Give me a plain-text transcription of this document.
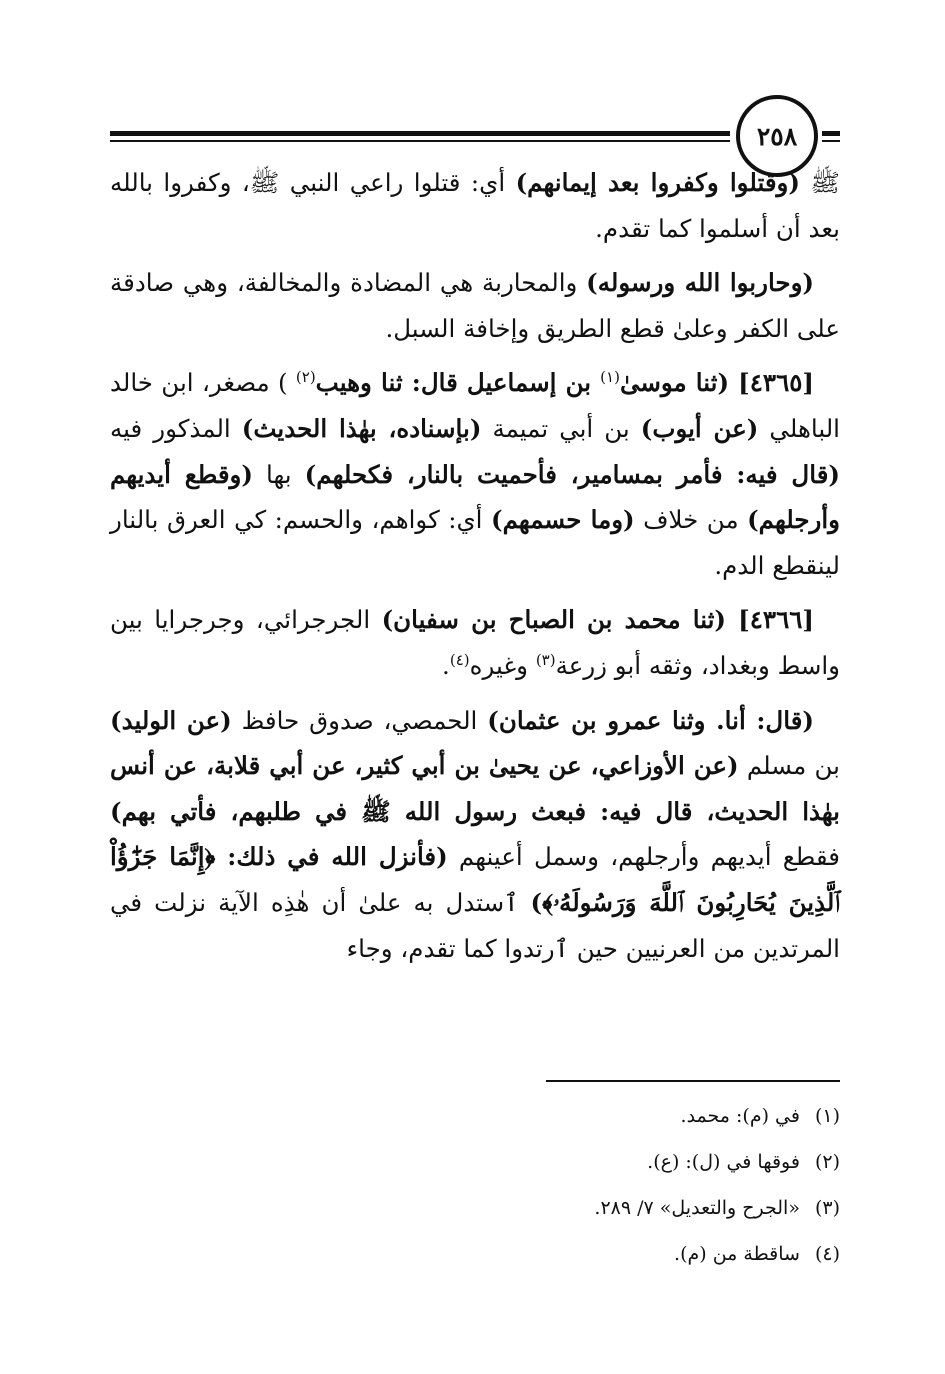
٢٥٨

ﷺ (وقتلوا وكفروا بعد إيمانهم) أي: قتلوا راعي النبي ﷺ، وكفروا بالله بعد أن أسلموا كما تقدم.

(وحاربوا الله ورسوله) والمحاربة هي المضادة والمخالفة، وهي صادقة على الكفر وعلىٰ قطع الطريق وإخافة السبل.

[٤٣٦٥] (ثنا موسىٰ$^{(١)}$ بن إسماعيل قال: ثنا وهيب$^{(٢)}$ ) مصغر، ابن خالد الباهلي (عن أيوب) بن أبي تميمة (بإسناده، بهٰذا الحديث) المذكور فيه (قال فيه: فأمر بمسامير، فأحميت بالنار، فكحلهم) بها (وقطع أيديهم وأرجلهم) من خلاف (وما حسمهم) أي: كواهم، والحسم: كي العرق بالنار لينقطع الدم.

[٤٣٦٦] (ثنا محمد بن الصباح بن سفيان) الجرجرائي، وجرجرايا بين واسط وبغداد، وثقه أبو زرعة$^{(٣)}$ وغيره$^{(٤)}$.

(قال: أنا. وثنا عمرو بن عثمان) الحمصي، صدوق حافظ (عن الوليد) بن مسلم (عن الأوزاعي، عن يحيىٰ بن أبي كثير، عن أبي قلابة، عن أنس بهٰذا الحديث، قال فيه: فبعث رسول الله ﷺ في طلبهم، فأتي بهم) فقطع أيديهم وأرجلهم، وسمل أعينهم (فأنزل الله في ذلك: ﴿إِنَّمَا جَزَٰٓؤُاْ ٱلَّذِينَ يُحَارِبُونَ ٱللَّهَ وَرَسُولَهُۥ﴾) ٱستدل به علىٰ أن هٰذِه الآية نزلت في المرتدين من العرنيين حين ٱرتدوا كما تقدم، وجاء

(١) في (م): محمد.
(٢) فوقها في (ل): (ع).
(٣) «الجرح والتعديل» ٧/ ٢٨٩.
(٤) ساقطة من (م).
